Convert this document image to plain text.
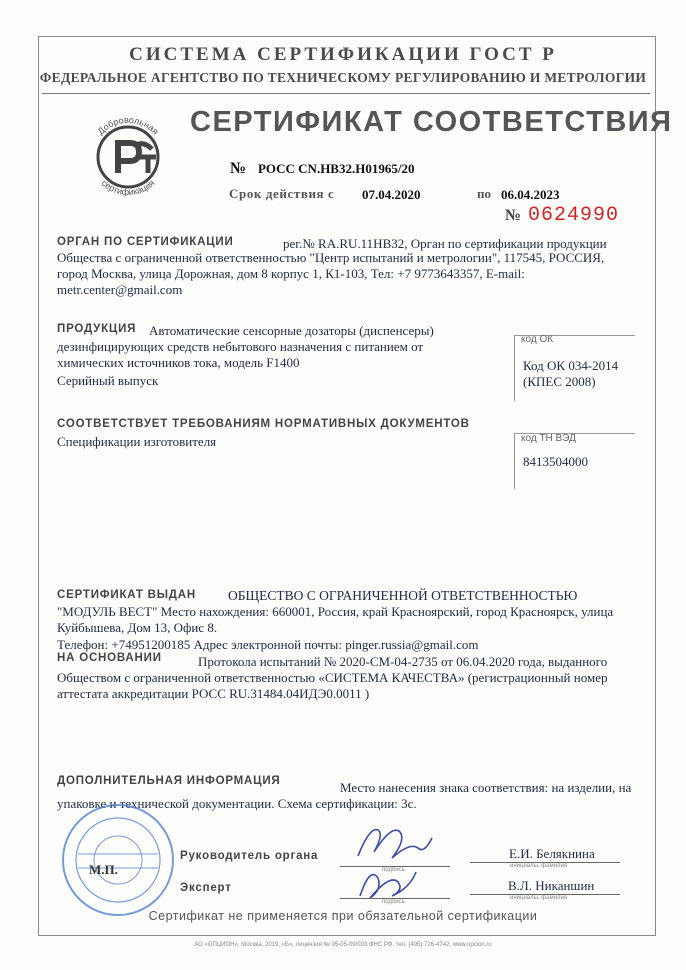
СИСТЕМА СЕРТИФИКАЦИИ ГОСТ Р
ФЕДЕРАЛЬНОЕ АГЕНТСТВО ПО ТЕХНИЧЕСКОМУ РЕГУЛИРОВАНИЮ И МЕТРОЛОГИИ
Добровольная
сертификация
СЕРТИФИКАТ СООТВЕТСТВИЯ
№ РОСС CN.НВ32.Н01965/20
Срок действия с 07.04.2020	по 06.04.2023
№ 0624990
ОРГАН ПО СЕРТИФИКАЦИИ	рег.№ RA.RU.11НВ32, Орган по сертификации продукции
Общества с ограниченной ответственностью "Центр испытаний и метрологии", 117545, РОССИЯ, город Москва, улица Дорожная, дом 8 корпус 1, К1-103, Тел: +7 9773643357, E-mail: metr.center@gmail.com
ПРОДУКЦИЯ Автоматические сенсорные дозаторы (диспенсеры)
дезинфицирующих средств небытового назначения с питанием от химических источников тока, модель F1400
Серийный выпуск
код ОК
Код ОК 034-2014 (КПЕС 2008)
СООТВЕТСТВУЕТ ТРЕБОВАНИЯМ НОРМАТИВНЫХ ДОКУМЕНТОВ
Спецификации изготовителя	код ТН ВЭД
8413504000
СЕРТИФИКАТ ВЫДАН ОБЩЕСТВО С ОГРАНИЧЕННОЙ ОТВЕТСТВЕННОСТЬЮ
"МОДУЛЬ ВЕСТ" Место нахождения: 660001, Россия, край Красноярский, город Красноярск, улица Куйбышева, Дом 13, Офис 8.
Телефон: +74951200185 Адрес электронной почты: pinger.russia@gmail.com
НА ОСНОВАНИИ	Протокола испытаний № 2020-СМ-04-2735 от 06.04.2020 года, выданного
Обществом с ограниченной ответственностью «СИСТЕМА КАЧЕСТВА» (регистрационный номер аттестата аккредитации РОСС RU.31484.04ИДЭ0.0011 )
ДОПОЛНИТЕЛЬНАЯ ИНФОРМАЦИЯ	Место нанесения знака соответствия: на изделии, на
упаковке и технической документации. Схема сертификации: 3с.
М.П.
Руководитель органа
подпись
Е.И. Белякнина
инициалы, фамилия
Эксперт
подпись
В.Л. Никаншин
инициалы, фамилия
Сертификат не применяется при обязательной сертификации
АО «ОПЦИОН», Москва, 2019, «Б», лицензия № 05-05-09/003 ФНС РФ, тел. (495) 726-4742, www.opcion.ru
